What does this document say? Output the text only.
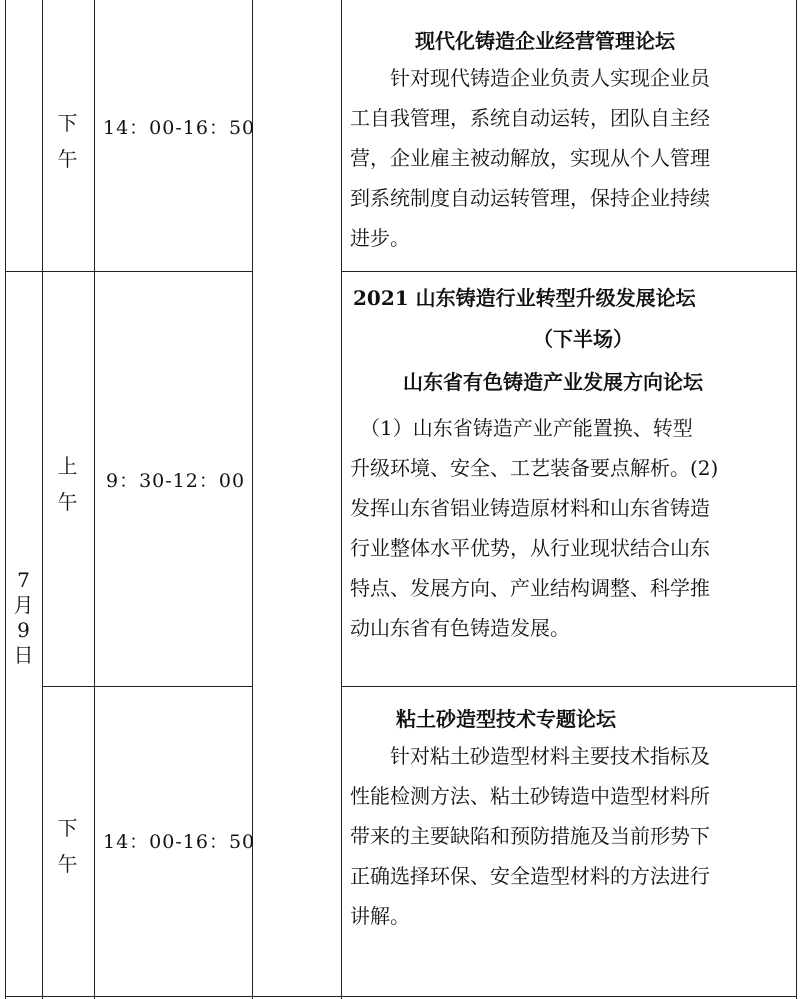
下
午
14：00-16：50
现代化铸造企业经营管理论坛
　　针对现代铸造企业负责人实现企业员
工自我管理，系统自动运转，团队自主经
营，企业雇主被动解放，实现从个人管理
到系统制度自动运转管理，保持企业持续
进步。
7
月
9
日
上
午
9：30-12：00
2021 山东铸造行业转型升级发展论坛
（下半场）
山东省有色铸造产业发展方向论坛
　（1）山东省铸造产业产能置换、转型
升级环境、安全、工艺装备要点解析。(2)
发挥山东省铝业铸造原材料和山东省铸造
行业整体水平优势，从行业现状结合山东
特点、发展方向、产业结构调整、科学推
动山东省有色铸造发展。
下
午
14：00-16：50
粘土砂造型技术专题论坛
　　针对粘土砂造型材料主要技术指标及
性能检测方法、粘土砂铸造中造型材料所
带来的主要缺陷和预防措施及当前形势下
正确选择环保、安全造型材料的方法进行
讲解。
